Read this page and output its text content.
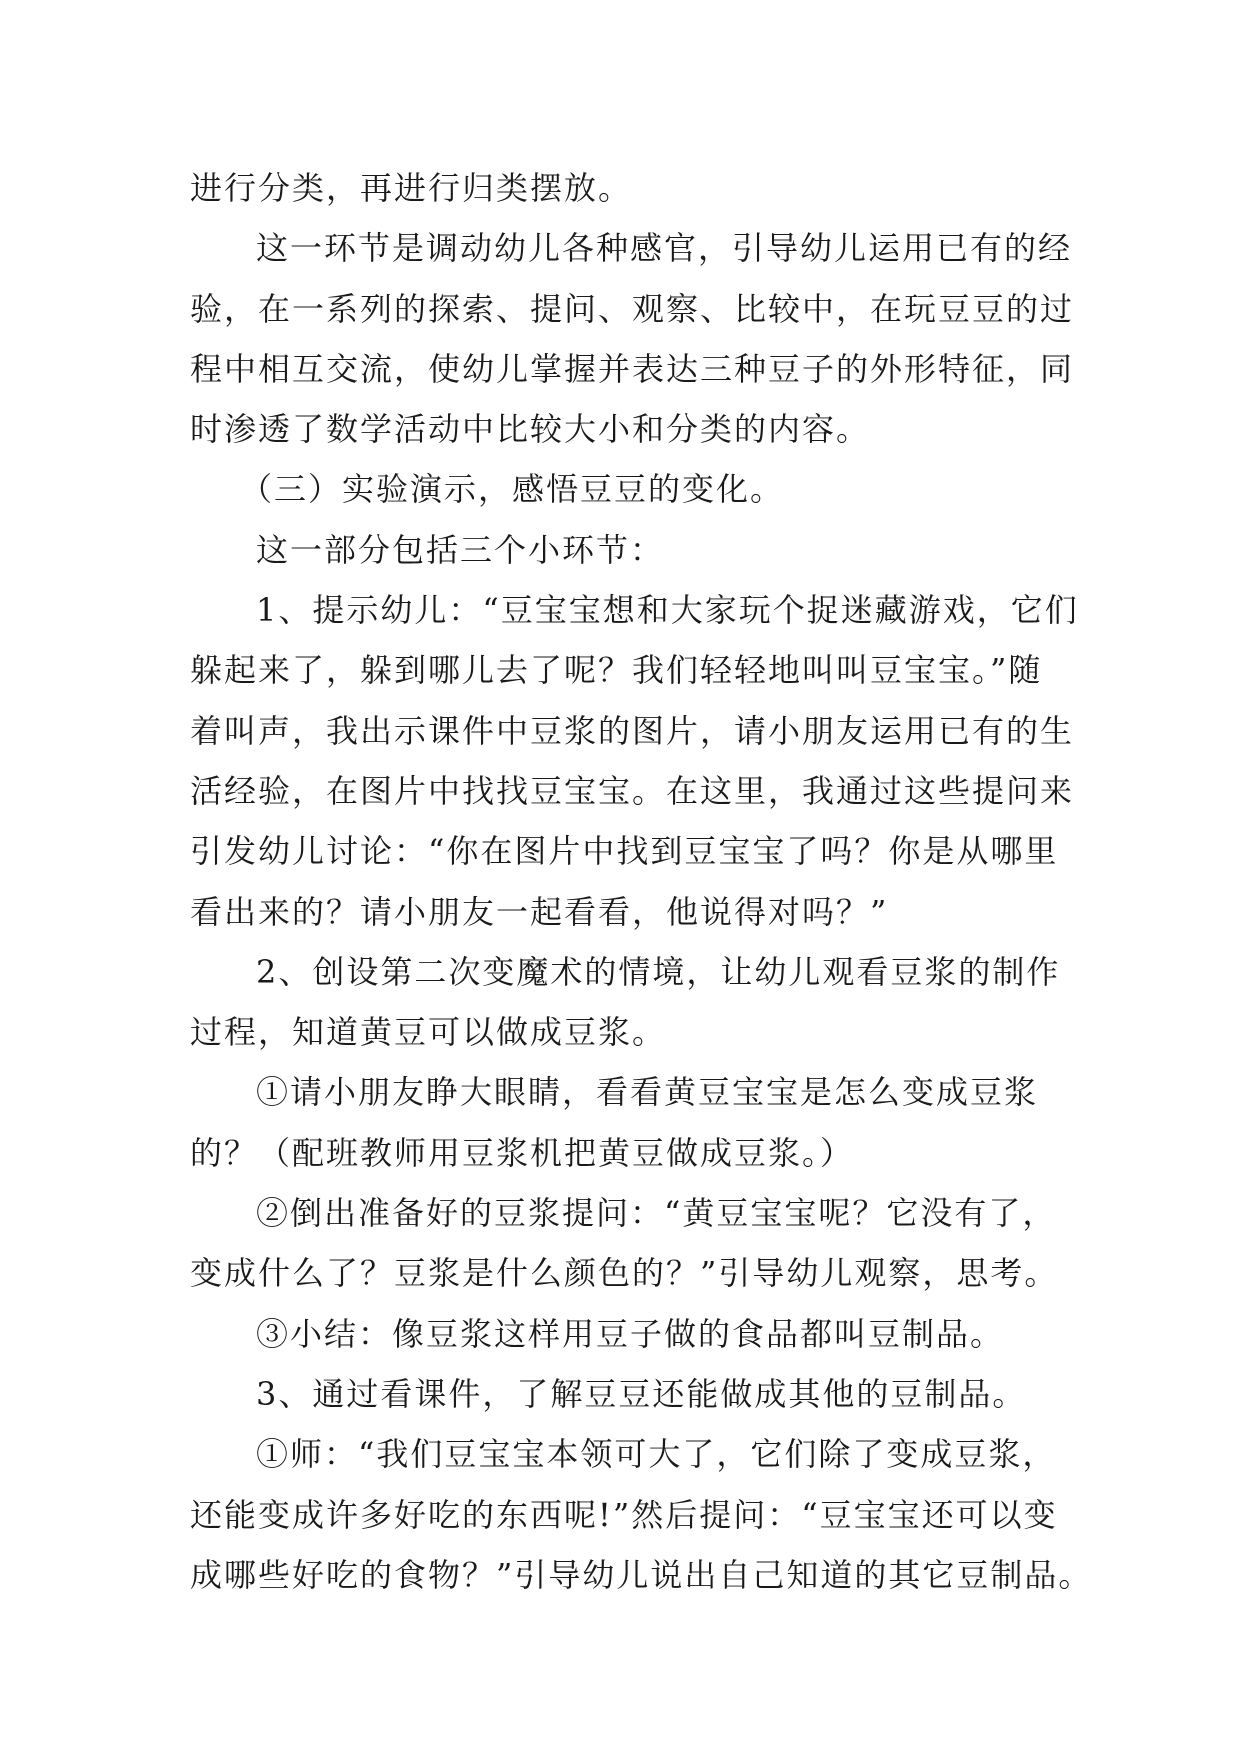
进行分类，再进行归类摆放。
这一环节是调动幼儿各种感官，引导幼儿运用已有的经
验，在一系列的探索、提问、观察、比较中，在玩豆豆的过
程中相互交流，使幼儿掌握并表达三种豆子的外形特征，同
时渗透了数学活动中比较大小和分类的内容。
（三）实验演示，感悟豆豆的变化。
这一部分包括三个小环节：
1、提示幼儿：“豆宝宝想和大家玩个捉迷藏游戏，它们
躲起来了，躲到哪儿去了呢？我们轻轻地叫叫豆宝宝。”随
着叫声，我出示课件中豆浆的图片，请小朋友运用已有的生
活经验，在图片中找找豆宝宝。在这里，我通过这些提问来
引发幼儿讨论：“你在图片中找到豆宝宝了吗？你是从哪里
看出来的？请小朋友一起看看，他说得对吗？”
2、创设第二次变魔术的情境，让幼儿观看豆浆的制作
过程，知道黄豆可以做成豆浆。
①请小朋友睁大眼睛，看看黄豆宝宝是怎么变成豆浆
的？（配班教师用豆浆机把黄豆做成豆浆。）
②倒出准备好的豆浆提问：“黄豆宝宝呢？它没有了，
变成什么了？豆浆是什么颜色的？”引导幼儿观察，思考。
③小结：像豆浆这样用豆子做的食品都叫豆制品。
3、通过看课件，了解豆豆还能做成其他的豆制品。
①师：“我们豆宝宝本领可大了，它们除了变成豆浆，
还能变成许多好吃的东西呢!”然后提问：“豆宝宝还可以变
成哪些好吃的食物？”引导幼儿说出自己知道的其它豆制品。
